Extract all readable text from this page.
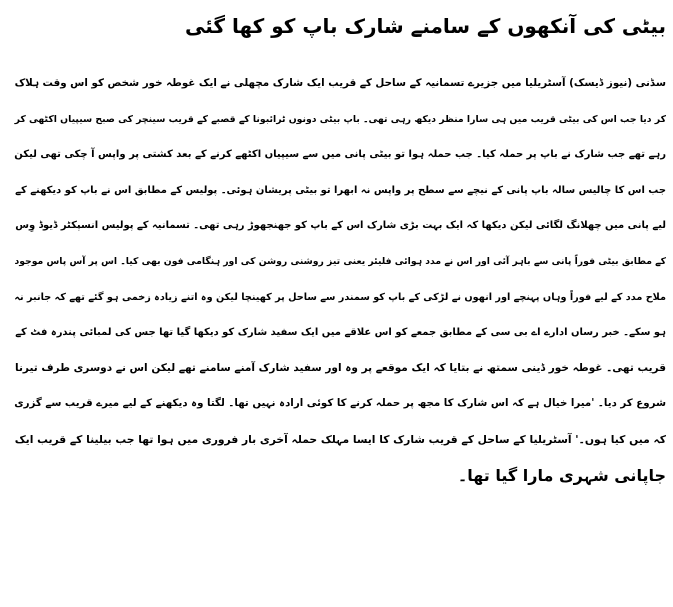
بیٹی کی آنکھوں کے سامنے شارک باپ کو کھا گئی
سڈنی (نیوز ڈیسک) آسٹریلیا میں جزیرے تسمانیہ کے ساحل کے قریب ایک شارک مچھلی نے ایک غوطہ خور شخص کو اس وقت ہلاک
کر دیا جب اس کی بیٹی قریب میں ہی سارا منظر دیکھ رہی تھی۔ باپ بیٹی دونوں ٹرائبونا کے قصبے کے قریب سینچر کی صبح سیپیاں اکٹھی کر
رہے تھے جب شارک نے باپ پر حملہ کیا۔ جب حملہ ہوا تو بیٹی پانی میں سے سیپیاں اکٹھے کرنے کے بعد کشتی پر واپس آ چکی تھی لیکن
جب اس کا چالیس سالہ باپ پانی کے نیچے سے سطح پر واپس نہ ابھرا تو بیٹی پریشان ہوئی۔ پولیس کے مطابق اس نے باپ کو دیکھنے کے
لیے پانی میں چھلانگ لگائی لیکن دیکھا کہ ایک بہت بڑی شارک اس کے باپ کو جھنجھوڑ رہی تھی۔ تسمانیہ کے پولیس انسپکٹر ڈیوڈ وِس
کے مطابق بیٹی فوراً پانی سے باہر آئی اور اس نے مدد ہوائی فلیئر یعنی تیز روشنی روشن کی اور ہنگامی فون بھی کیا۔ اس پر آس پاس موجود
ملاح مدد کے لیے فوراً وہاں پہنچے اور انھوں نے لڑکی کے باپ کو سمندر سے ساحل پر کھینچا لیکن وہ اتنے زیادہ زخمی ہو گئے تھے کہ جانبر نہ
ہو سکے۔ خبر رساں ادارے اے بی سی کے مطابق جمعے کو اس علاقے میں ایک سفید شارک کو دیکھا گیا تھا جس کی لمبائی پندرہ فٹ کے
قریب تھی۔ غوطہ خور ڈینی سمتھ نے بتایا کہ ایک موقعے پر وہ اور سفید شارک آمنے سامنے تھے لیکن اس نے دوسری طرف تیرنا
شروع کر دیا۔ 'میرا خیال ہے کہ اس شارک کا مجھ پر حملہ کرنے کا کوئی ارادہ نہیں تھا۔ لگتا وہ دیکھنے کے لیے میرے قریب سے گزری
کہ میں کیا ہوں۔' آسٹریلیا کے ساحل کے قریب شارک کا ایسا مہلک حملہ آخری بار فروری میں ہوا تھا جب بیلینا کے قریب ایک
جاپانی شہری مارا گیا تھا۔
